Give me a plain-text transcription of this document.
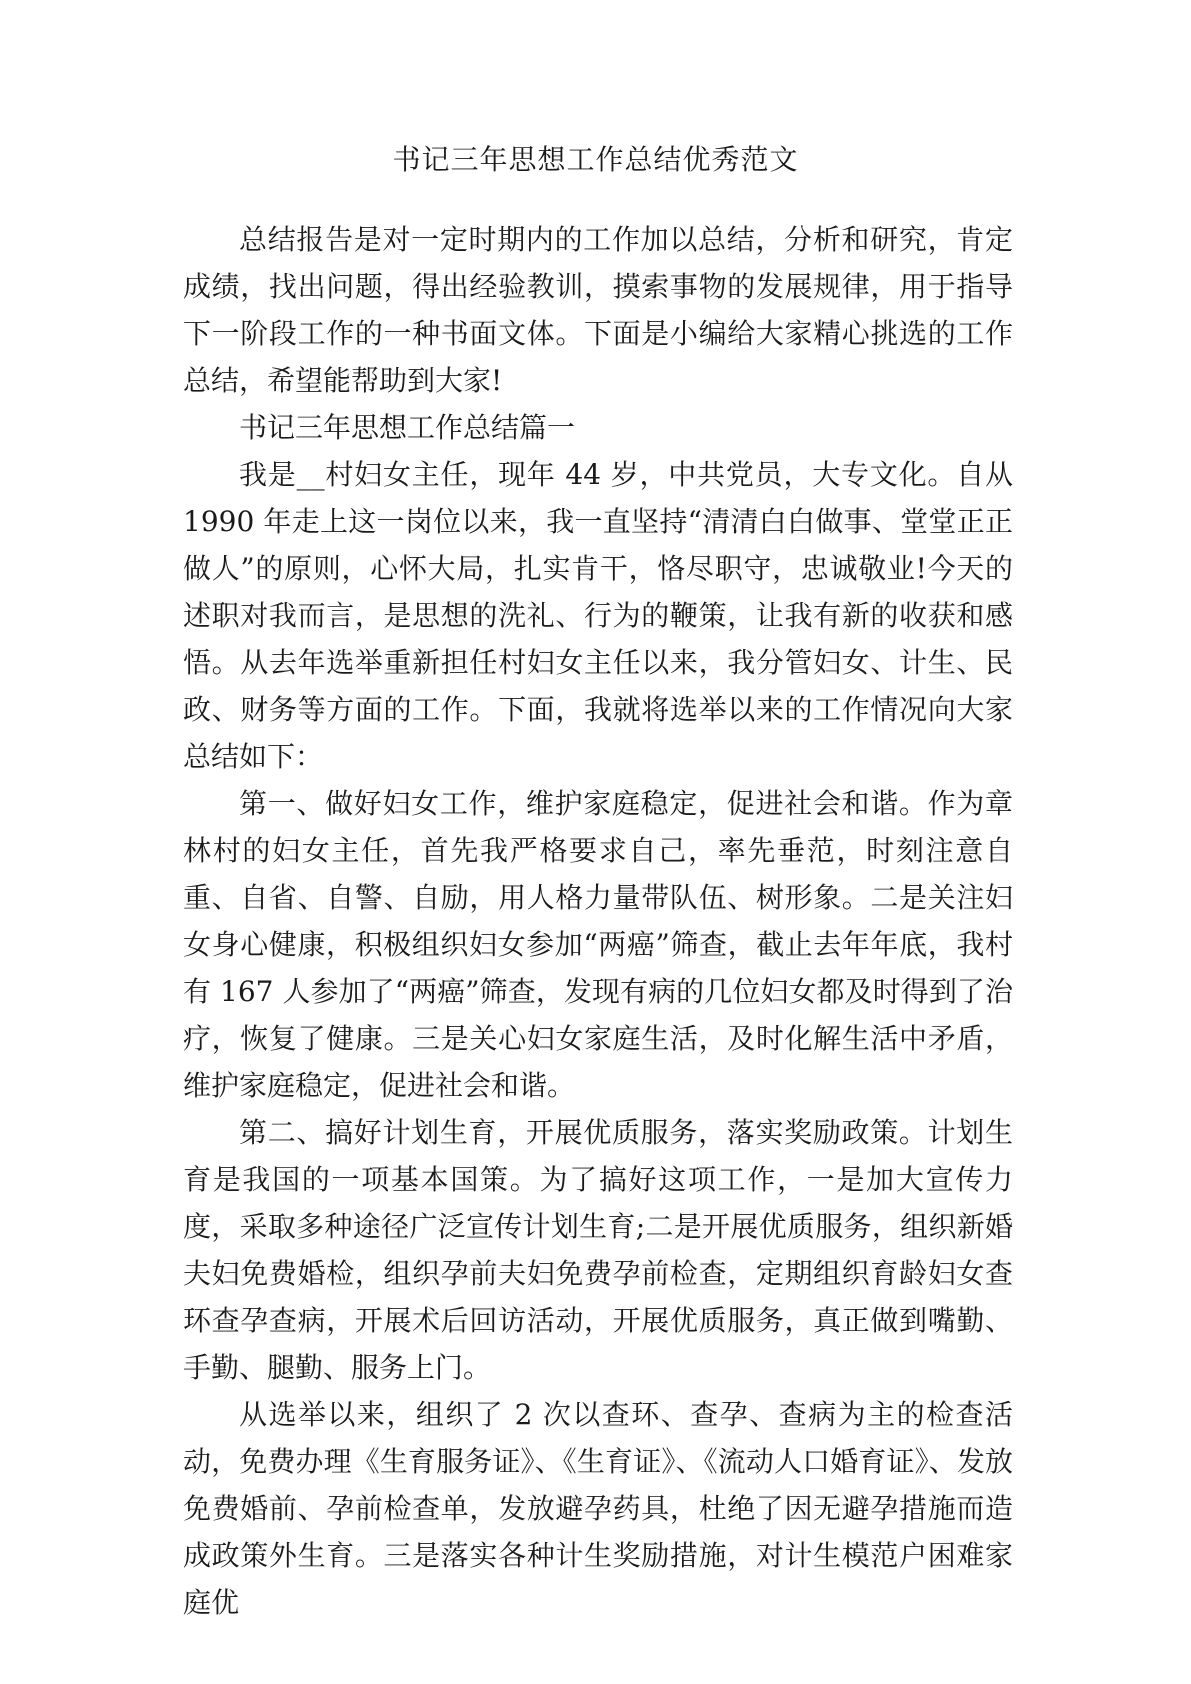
书记三年思想工作总结优秀范文

总结报告是对一定时期内的工作加以总结，分析和研究，肯定成绩，找出问题，得出经验教训，摸索事物的发展规律，用于指导下一阶段工作的一种书面文体。下面是小编给大家精心挑选的工作总结，希望能帮助到大家!

书记三年思想工作总结篇一

我是__村妇女主任，现年 44 岁，中共党员，大专文化。自从 1990 年走上这一岗位以来，我一直坚持“清清白白做事、堂堂正正做人”的原则，心怀大局，扎实肯干，恪尽职守，忠诚敬业!今天的述职对我而言，是思想的洗礼、行为的鞭策，让我有新的收获和感悟。从去年选举重新担任村妇女主任以来，我分管妇女、计生、民政、财务等方面的工作。下面，我就将选举以来的工作情况向大家总结如下：

第一、做好妇女工作，维护家庭稳定，促进社会和谐。作为章林村的妇女主任，首先我严格要求自己，率先垂范，时刻注意自重、自省、自警、自励，用人格力量带队伍、树形象。二是关注妇女身心健康，积极组织妇女参加“两癌”筛查，截止去年年底，我村有 167 人参加了“两癌”筛查，发现有病的几位妇女都及时得到了治疗，恢复了健康。三是关心妇女家庭生活，及时化解生活中矛盾，维护家庭稳定，促进社会和谐。

第二、搞好计划生育，开展优质服务，落实奖励政策。计划生育是我国的一项基本国策。为了搞好这项工作，一是加大宣传力度，采取多种途径广泛宣传计划生育;二是开展优质服务，组织新婚夫妇免费婚检，组织孕前夫妇免费孕前检查，定期组织育龄妇女查环查孕查病，开展术后回访活动，开展优质服务，真正做到嘴勤、手勤、腿勤、服务上门。

从选举以来，组织了 2 次以查环、查孕、查病为主的检查活动，免费办理《生育服务证》、《生育证》、《流动人口婚育证》、发放免费婚前、孕前检查单，发放避孕药具，杜绝了因无避孕措施而造成政策外生育。三是落实各种计生奖励措施，对计生模范户困难家庭优
